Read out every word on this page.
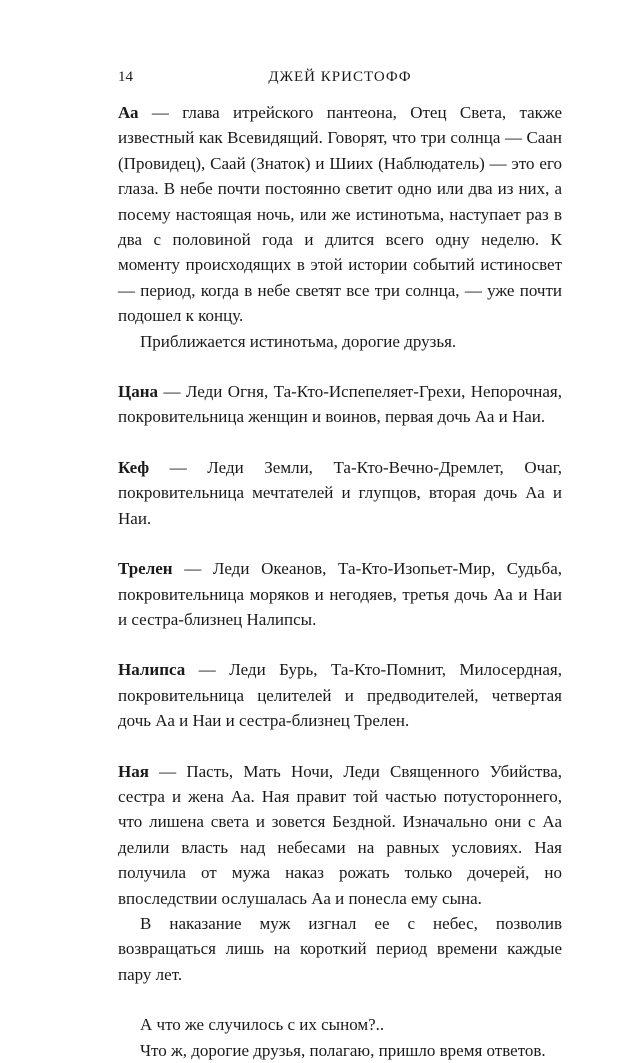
14	ДЖЕЙ КРИСТОФФ

Аа — глава итрейского пантеона, Отец Света, также известный как Всевидящий. Говорят, что три солнца — Саан (Провидец), Саай (Знаток) и Шиих (Наблюдатель) — это его глаза. В небе почти постоянно светит одно или два из них, а посему настоящая ночь, или же истинотьма, наступает раз в два с половиной года и длится всего одну неделю. К моменту происходящих в этой истории событий истиносвет — период, когда в небе светят все три солнца, — уже почти подошел к концу.

Приближается истинотьма, дорогие друзья.

Цана — Леди Огня, Та-Кто-Испепеляет-Грехи, Непорочная, покровительница женщин и воинов, первая дочь Аа и Наи.

Кеф — Леди Земли, Та-Кто-Вечно-Дремлет, Очаг, покровительница мечтателей и глупцов, вторая дочь Аа и Наи.

Трелен — Леди Океанов, Та-Кто-Изопьет-Мир, Судьба, покровительница моряков и негодяев, третья дочь Аа и Наи и сестра-близнец Налипсы.

Налипса — Леди Бурь, Та-Кто-Помнит, Милосердная, покровительница целителей и предводителей, четвертая дочь Аа и Наи и сестра-близнец Трелен.

Ная — Пасть, Мать Ночи, Леди Священного Убийства, сестра и жена Аа. Ная правит той частью потустороннего, что лишена света и зовется Бездной. Изначально они с Аа делили власть над небесами на равных условиях. Ная получила от мужа наказ рожать только дочерей, но впоследствии ослушалась Аа и понесла ему сына.

В наказание муж изгнал ее с небес, позволив возвращаться лишь на короткий период времени каждые пару лет.

А что же случилось с их сыном?..

Что ж, дорогие друзья, полагаю, пришло время ответов.
